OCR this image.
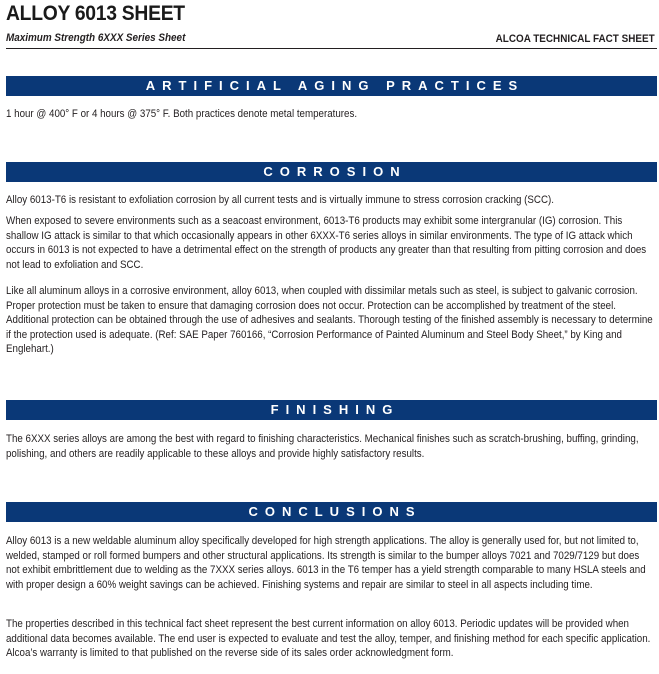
ALLOY 6013 SHEET
Maximum Strength 6XXX Series Sheet	ALCOA TECHNICAL FACT SHEET
ARTIFICIAL AGING PRACTICES
1 hour @ 400° F or 4 hours @ 375° F. Both practices denote metal temperatures.
CORROSION
Alloy 6013-T6 is resistant to exfoliation corrosion by all current tests and is virtually immune to stress corrosion cracking (SCC).
When exposed to severe environments such as a seacoast environment, 6013-T6 products may exhibit some intergranular (IG) corrosion. This shallow IG attack is similar to that which occasionally appears in other 6XXX-T6 series alloys in similar environments. The type of IG attack which occurs in 6013 is not expected to have a detrimental effect on the strength of products any greater than that resulting from pitting corrosion and does not lead to exfoliation and SCC.
Like all aluminum alloys in a corrosive environment, alloy 6013, when coupled with dissimilar metals such as steel, is subject to galvanic corrosion. Proper protection must be taken to ensure that damaging corrosion does not occur. Protection can be accomplished by treatment of the steel. Additional protection can be obtained through the use of adhesives and sealants. Thorough testing of the finished assembly is necessary to determine if the protection used is adequate. (Ref: SAE Paper 760166, “Corrosion Performance of Painted Aluminum and Steel Body Sheet,” by King and Englehart.)
FINISHING
The 6XXX series alloys are among the best with regard to finishing characteristics. Mechanical finishes such as scratch-brushing, buffing, grinding, polishing, and others are readily applicable to these alloys and provide highly satisfactory results.
CONCLUSIONS
Alloy 6013 is a new weldable aluminum alloy specifically developed for high strength applications. The alloy is generally used for, but not limited to, welded, stamped or roll formed bumpers and other structural applications. Its strength is similar to the bumper alloys 7021 and 7029/7129 but does not exhibit embrittlement due to welding as the 7XXX series alloys. 6013 in the T6 temper has a yield strength comparable to many HSLA steels and with proper design a 60% weight savings can be achieved. Finishing systems and repair are similar to steel in all aspects including time.
The properties described in this technical fact sheet represent the best current information on alloy 6013. Periodic updates will be provided when additional data becomes available. The end user is expected to evaluate and test the alloy, temper, and finishing method for each specific application. Alcoa’s warranty is limited to that published on the reverse side of its sales order acknowledgment form.
